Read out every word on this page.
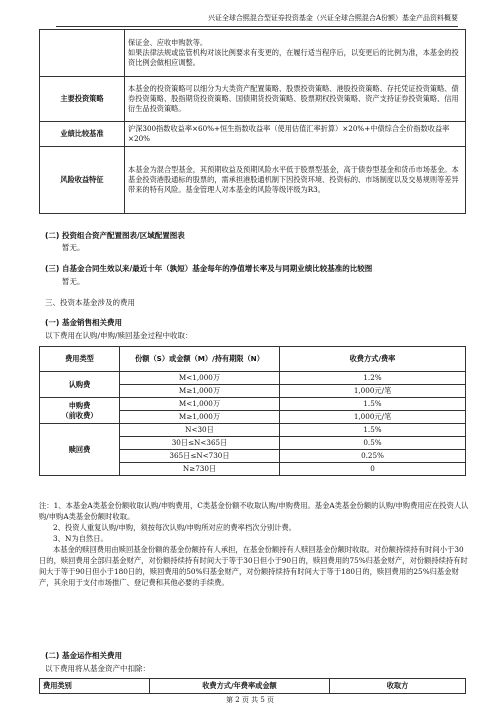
兴证全球合熙混合型证券投资基金（兴证全球合熙混合A份额）基金产品资料概要
	保证金、应收申购款等。
如果法律法规或监管机构对该比例要求有变更的，在履行适当程序后，以变更后的比例为准，本基金的投资比例会做相应调整。
主要投资策略	本基金的投资策略可以细分为大类资产配置策略、股票投资策略、港股投资策略、存托凭证投资策略、债券投资策略、股指期货投资策略、国债期货投资策略、股票期权投资策略、资产支持证券投资策略、信用衍生品投资策略。
业绩比较基准	沪深300指数收益率×60%+恒生指数收益率（使用估值汇率折算）×20%+中债综合全价指数收益率×20%
风险收益特征	本基金为混合型基金，其预期收益及预期风险水平低于股票型基金，高于债券型基金和货币市场基金。本基金投资港股通标的股票的，需承担港股通机制下因投资环境、投资标的、市场制度以及交易规则等差异带来的特有风险。基金管理人对本基金的风险等级评级为R3。
(二) 投资组合资产配置图表/区域配置图表
暂无。
(三) 自基金合同生效以来/最近十年（孰短）基金每年的净值增长率及与同期业绩比较基准的比较图
暂无。
三、投资本基金涉及的费用
(一) 基金销售相关费用
以下费用在认购/申购/赎回基金过程中收取：
费用类型	份额（S）或金额（M）/持有期限（N）	收费方式/费率
认购费	M<1,000万	1.2%
	M≥1,000万	1,000元/笔
申购费
（前收费）	M<1,000万	1.5%
	M≥1,000万	1,000元/笔
赎回费	N<30日	1.5%
	30日≤N<365日	0.5%
	365日≤N<730日	0.25%
	N≥730日	0

注：1、本基金A类基金份额收取认购/申购费用，C类基金份额不收取认购/申购费用。基金A类基金份额的认购/申购费用应在投资人认购/申购A类基金份额时收取。

2、投资人重复认购/申购，须按每次认购/申购所对应的费率档次分别计费。

3、N为自然日。

本基金的赎回费用由赎回基金份额的基金份额持有人承担，在基金份额持有人赎回基金份额时收取。对份额持续持有时间小于30日的，赎回费用全部归基金财产，对份额持续持有时间大于等于30日但小于90日的，赎回费用的75%归基金财产，对份额持续持有时间大于等于90日但小于180日的，赎回费用的50%归基金财产，对份额持续持有时间大于等于180日的，赎回费用的25%归基金财产，其余用于支付市场推广、登记费和其他必要的手续费。

(二) 基金运作相关费用
以下费用将从基金资产中扣除：
费用类别	收费方式/年费率或金额	收取方
第 2 页 共 5 页
